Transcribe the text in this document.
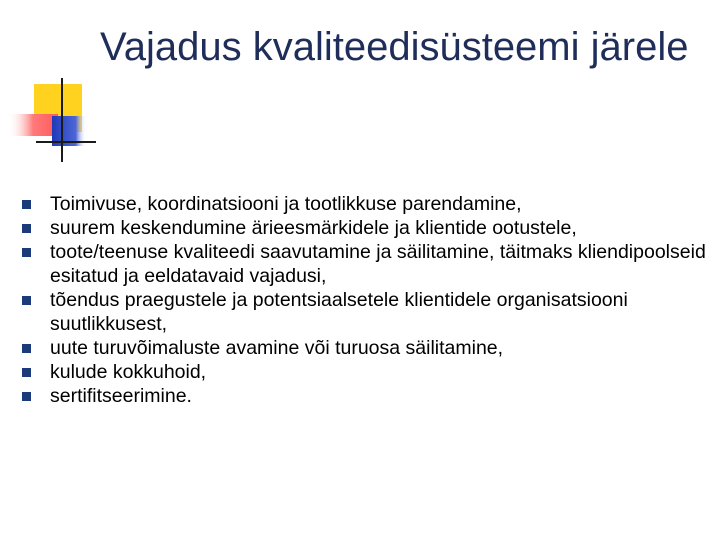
Vajadus kvaliteedisüsteemi järele
Toimivuse, koordinatsiooni ja tootlikkuse parendamine,
suurem keskendumine ärieesmärkidele ja klientide ootustele,
toote/teenuse kvaliteedi saavutamine ja säilitamine, täitmaks kliendipoolseid esitatud ja eeldatavaid vajadusi,
tõendus praegustele ja potentsiaalsetele klientidele organisatsiooni suutlikkusest,
uute turuvõimaluste avamine või turuosa säilitamine,
kulude kokkuhoid,
sertifitseerimine.
